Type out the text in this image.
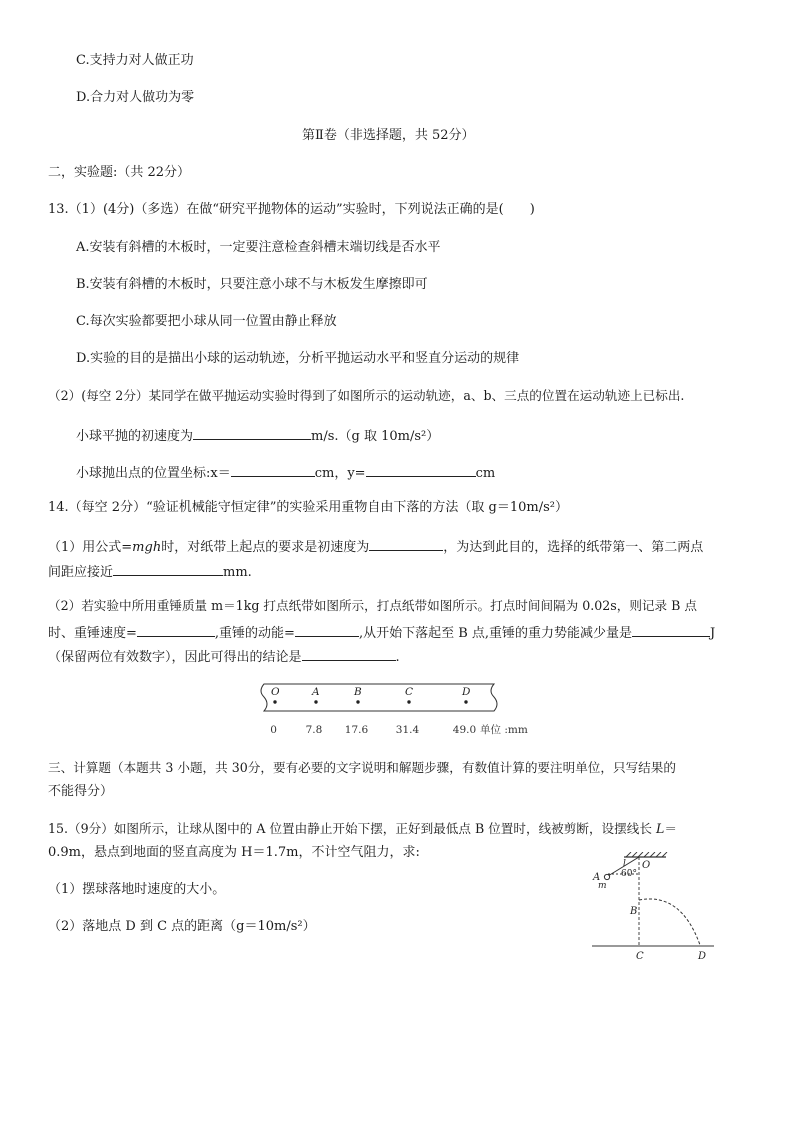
C.支持力对人做正功
D.合力对人做功为零
第Ⅱ卷（非选择题，共 52分）
二，实验题:（共 22分）
13.（1）(4分)（多选）在做“研究平抛物体的运动”实验时，下列说法正确的是(　　)
A.安装有斜槽的木板时，一定要注意检查斜槽末端切线是否水平
B.安装有斜槽的木板时，只要注意小球不与木板发生摩擦即可
C.每次实验都要把小球从同一位置由静止释放
D.实验的目的是描出小球的运动轨迹，分析平抛运动水平和竖直分运动的规律
（2）(每空 2分）某同学在做平抛运动实验时得到了如图所示的运动轨迹，a、b、三点的位置在运动轨迹上已标出.
小球平抛的初速度为	m/s.（g 取 10m/s²）
小球抛出点的位置坐标:x＝	cm，y=	cm
14.（每空 2分）“验证机械能守恒定律”的实验采用重物自由下落的方法（取 g＝10m/s²）
（1）用公式=mgh时，对纸带上起点的要求是初速度为	，为达到此目的，选择的纸带第一、第二两点
间距应接近	mm.
（2）若实验中所用重锤质量 m＝1kg 打点纸带如图所示，打点纸带如图所示。打点时间间隔为 0.02s，则记录 B 点
时、重锤速度=	,重锤的动能=	,从开始下落起至 B 点,重锤的重力势能减少量是	J
（保留两位有效数字），因此可得出的结论是	.
O
0
A
7.8
B
17.6
C
31.4
D
49.0 单位 :mm
三、计算题（本题共 3 小题，共 30分，要有必要的文字说明和解题步骤，有数值计算的要注明单位，只写结果的
不能得分）
15.（9分）如图所示，让球从图中的 A 位置由静止开始下摆，正好到最低点 B 位置时，线被剪断，设摆线长 L＝
0.9m，悬点到地面的竖直高度为 H＝1.7m，不计空气阻力，求:
（1）摆球落地时速度的大小。
（2）落地点 D 到 C 点的距离（g＝10m/s²）
A
m
l O
60°
B
C	D
